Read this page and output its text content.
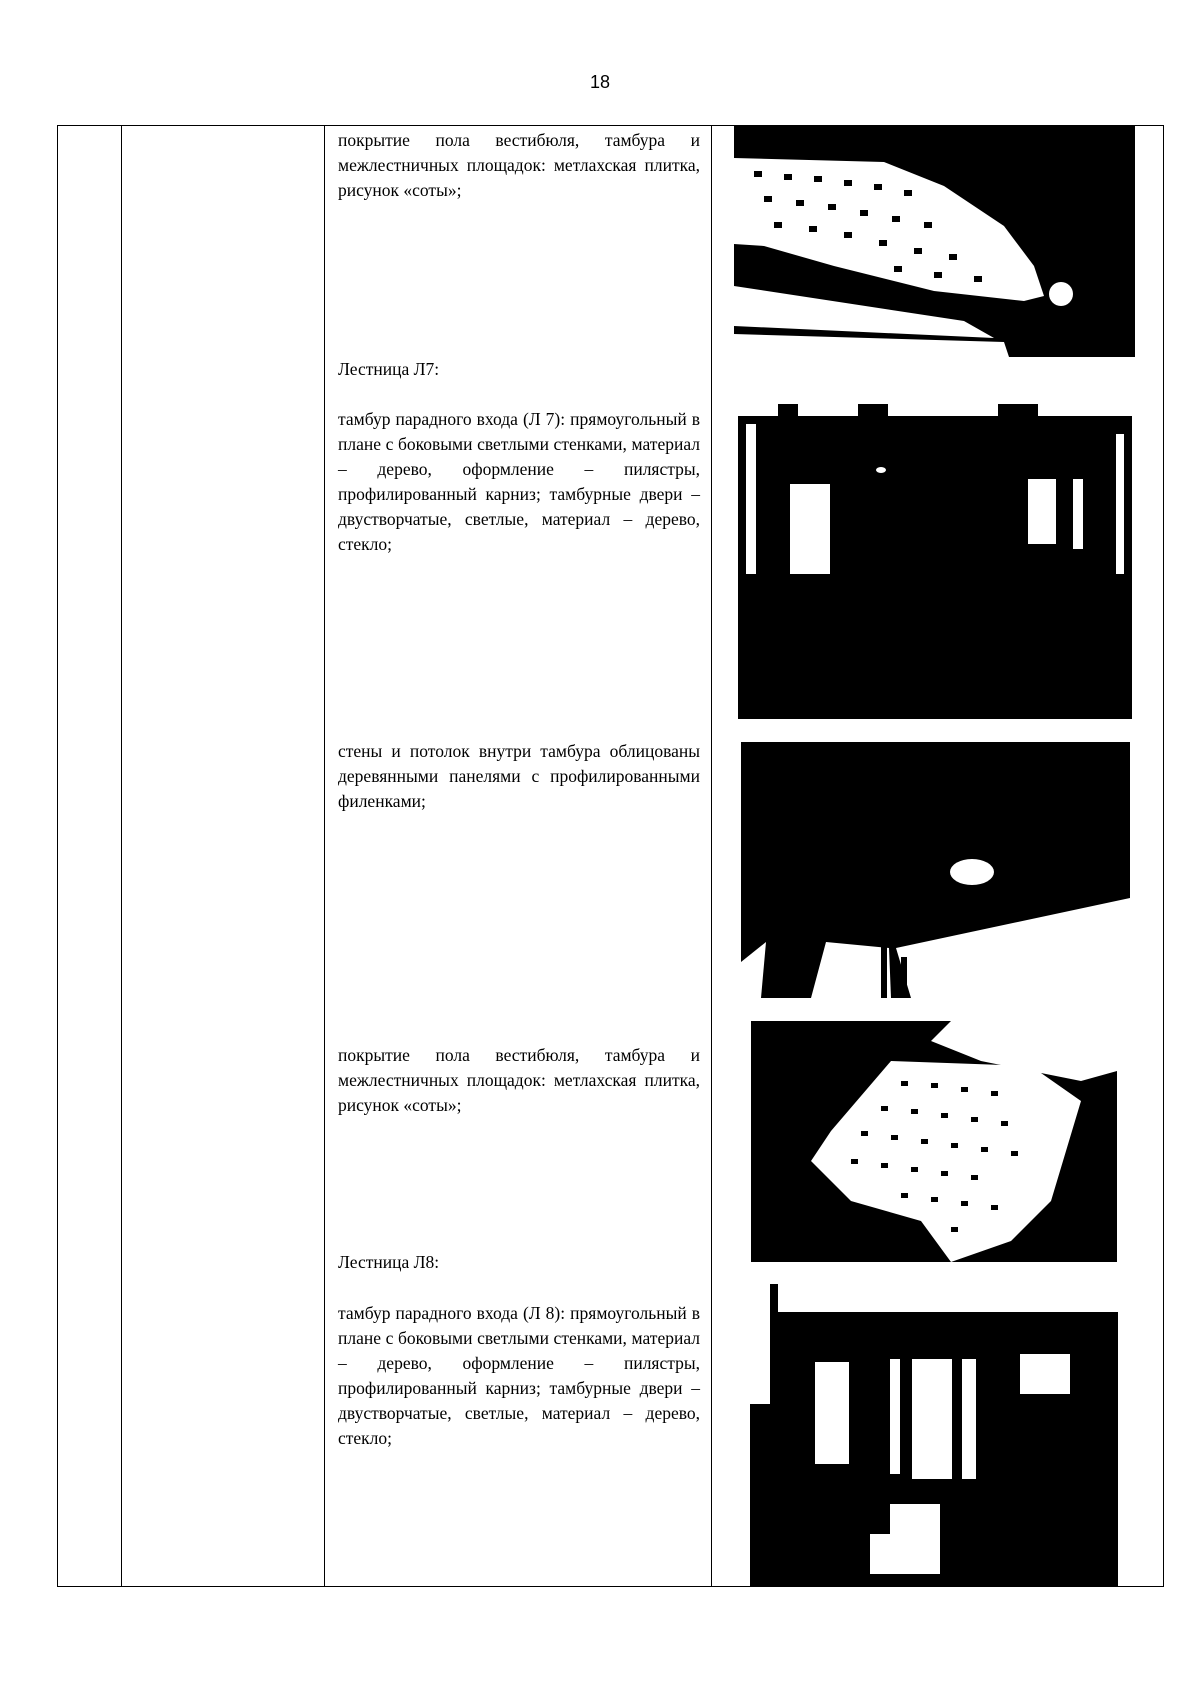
18

покрытие пола вестибюля, тамбура и межлестничных площадок: метлахская плитка, рисунок «соты»;

Лестница Л7:

тамбур парадного входа (Л 7): прямоугольный в плане с боковыми светлыми стенками, материал – дерево, оформление – пилястры, профилированный карниз; тамбурные двери – двустворчатые, светлые, материал – дерево, стекло;

стены и потолок внутри тамбура облицованы деревянными панелями с профилированными филенками;

покрытие пола вестибюля, тамбура и межлестничных площадок: метлахская плитка, рисунок «соты»;

Лестница Л8:

тамбур парадного входа (Л 8): прямоугольный в плане с боковыми светлыми стенками, материал – дерево, оформление – пилястры, профилированный карниз; тамбурные двери – двустворчатые, светлые, материал – дерево, стекло;
